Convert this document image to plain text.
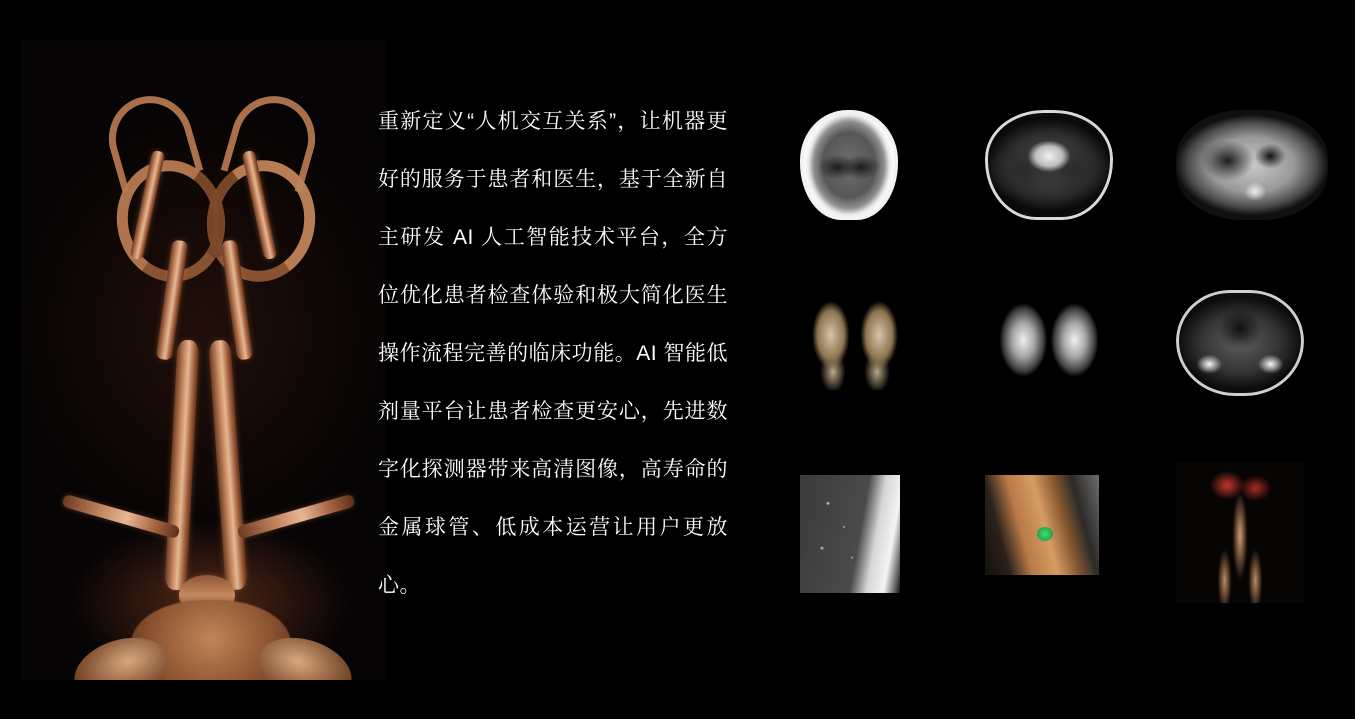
重新定义“人机交互关系”，让机器更好的服务于患者和医生，基于全新自主研发 AI 人工智能技术平台，全方位优化患者检查体验和极大简化医生操作流程完善的临床功能。AI 智能低剂量平台让患者检查更安心，先进数字化探测器带来高清图像，高寿命的金属球管、低成本运营让用户更放心。
